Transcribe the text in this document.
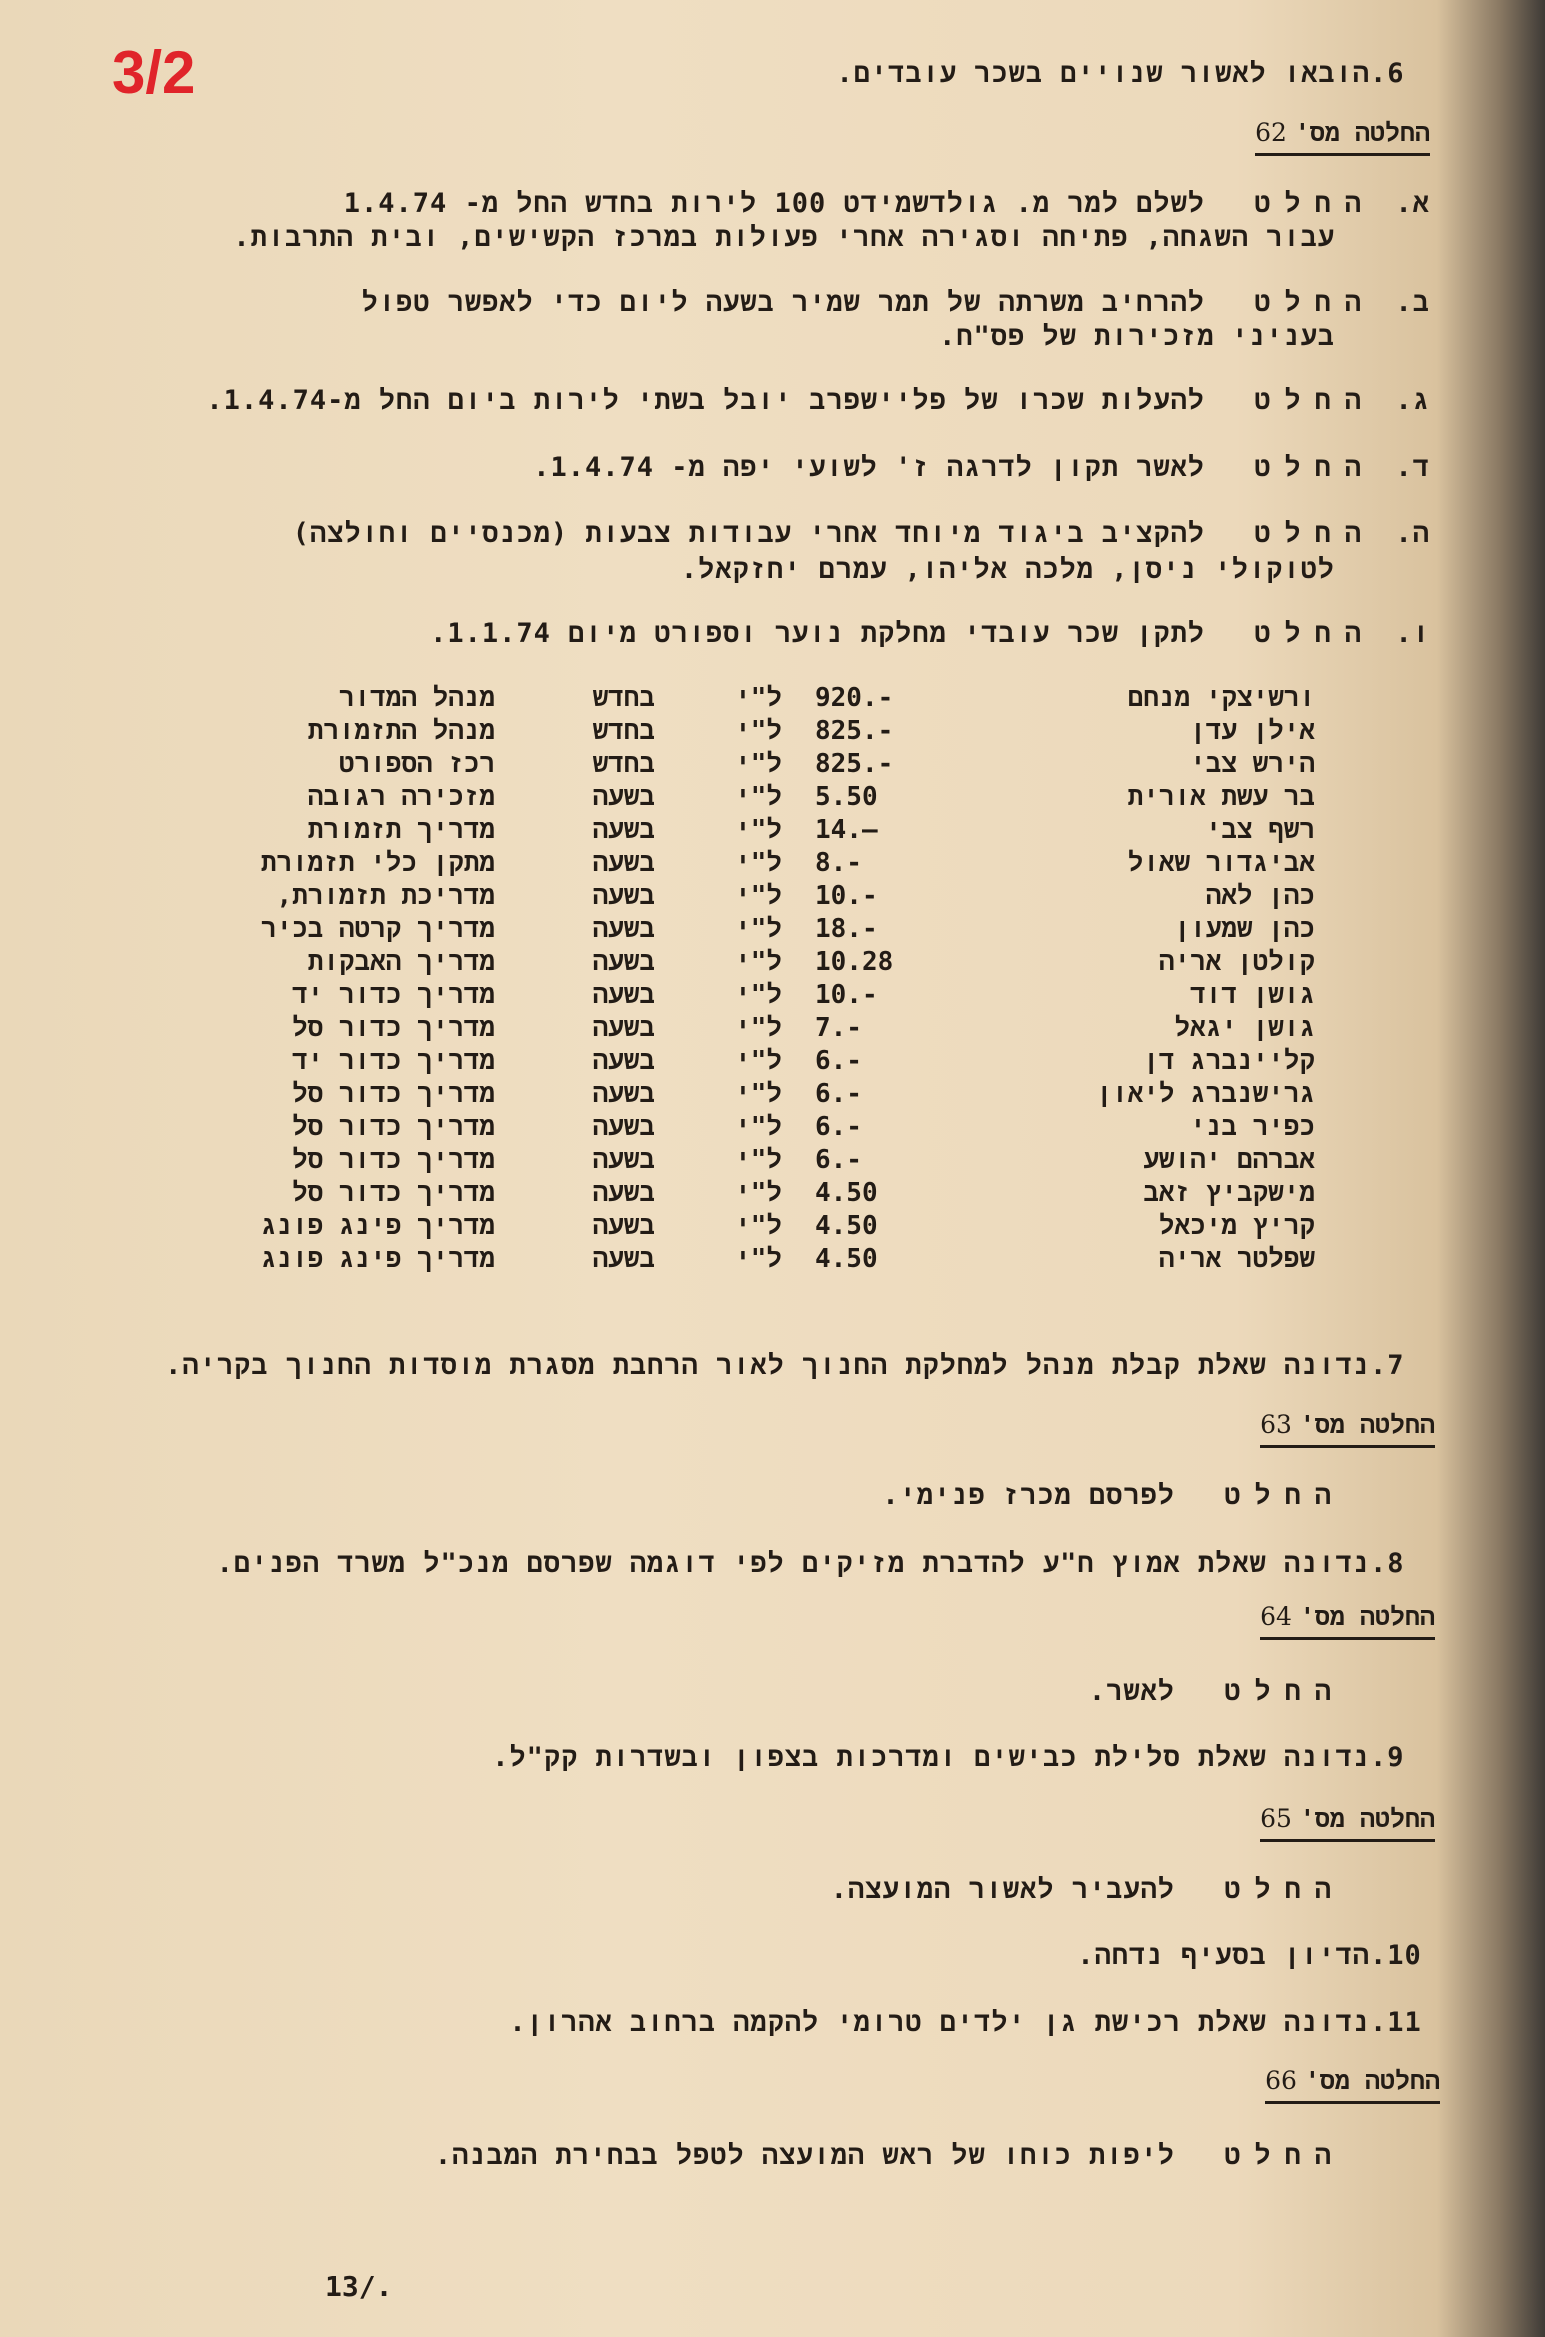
3/2	.6הובאו לאשור שנויים בשכר עובדים.
החלטה מס'62
א.החלטלשלם למר מ. גולדשמידט 100 לירות בחדש החל מ- 1.4.74
עבור השגחה, פתיחה וסגירה אחרי פעולות במרכז הקשישים, ובית התרבות.
ב.החלטלהרחיב משרתה של תמר שמיר בשעה ליום כדי לאפשר טפול
בעניני מזכירות של פס"ח.
ג.החלטלהעלות שכרו של פליישפרב יובל בשתי לירות ביום החל מ-1.4.74.
ד.החלטלאשר תקון לדרגה ז' לשועי יפה מ- 1.4.74.
ה.החלטלהקציב ביגוד מיוחד אחרי עבודות צבעות (מכנסיים וחולצה)
לטוקולי ניסן, מלכה אליהו, עמרם יחזקאל.
ו.החלטלתקן שכר עובדי מחלקת נוער וספורט מיום 1.1.74.
ורשיצקי מנחם
920.-
ל"י
בחדש
מנהל המדור
אילן עדן
825.-
ל"י
בחדש
מנהל התזמורת
הירש צבי
825.-
ל"י
בחדש
רכז הספורט
בר עשת אורית
5.50
ל"י
בשעה
מזכירה רגובה
רשף צבי
14.—
ל"י
בשעה
מדריך תזמורת
אביגדור שאול
8.-
ל"י
בשעה
מתקן כלי תזמורת
כהן לאה
10.-
ל"י
בשעה
מדריכת תזמורת,
כהן שמעון
18.-
ל"י
בשעה
מדריך קרטה בכיר
קולטן אריה
10.28
ל"י
בשעה
מדריך האבקות
גושן דוד
10.-
ל"י
בשעה
מדריך כדור יד
גושן יגאל
7.-
ל"י
בשעה
מדריך כדור סל
קליינברג דן
6.-
ל"י
בשעה
מדריך כדור יד
גרישנברג ליאון
6.-
ל"י
בשעה
מדריך כדור סל
כפיר בני
6.-
ל"י
בשעה
מדריך כדור סל
אברהם יהושע
6.-
ל"י
בשעה
מדריך כדור סל
מישקביץ זאב
4.50
ל"י
בשעה
מדריך כדור סל
קריץ מיכאל
4.50
ל"י
בשעה
מדריך פינג פונג
שפלטר אריה
4.50
ל"י
בשעה
מדריך פינג פונג
.7נדונה שאלת קבלת מנהל למחלקת החנוך לאור הרחבת מסגרת מוסדות החנוך בקריה.
החלטה מס'63
החלטלפרסם מכרז פנימי.
.8נדונה שאלת אמוץ ח"ע להדברת מזיקים לפי דוגמה שפרסם מנכ"ל משרד הפנים.
החלטה מס'64
החלטלאשר.
.9נדונה שאלת סלילת כבישים ומדרכות בצפון ובשדרות קק"ל.
החלטה מס'65
החלטלהעביר לאשור המועצה.
.10הדיון בסעיף נדחה.
.11נדונה שאלת רכישת גן ילדים טרומי להקמה ברחוב אהרון.
החלטה מס'66
החלטליפות כוחו של ראש המועצה לטפל בבחירת המבנה.
13/.
